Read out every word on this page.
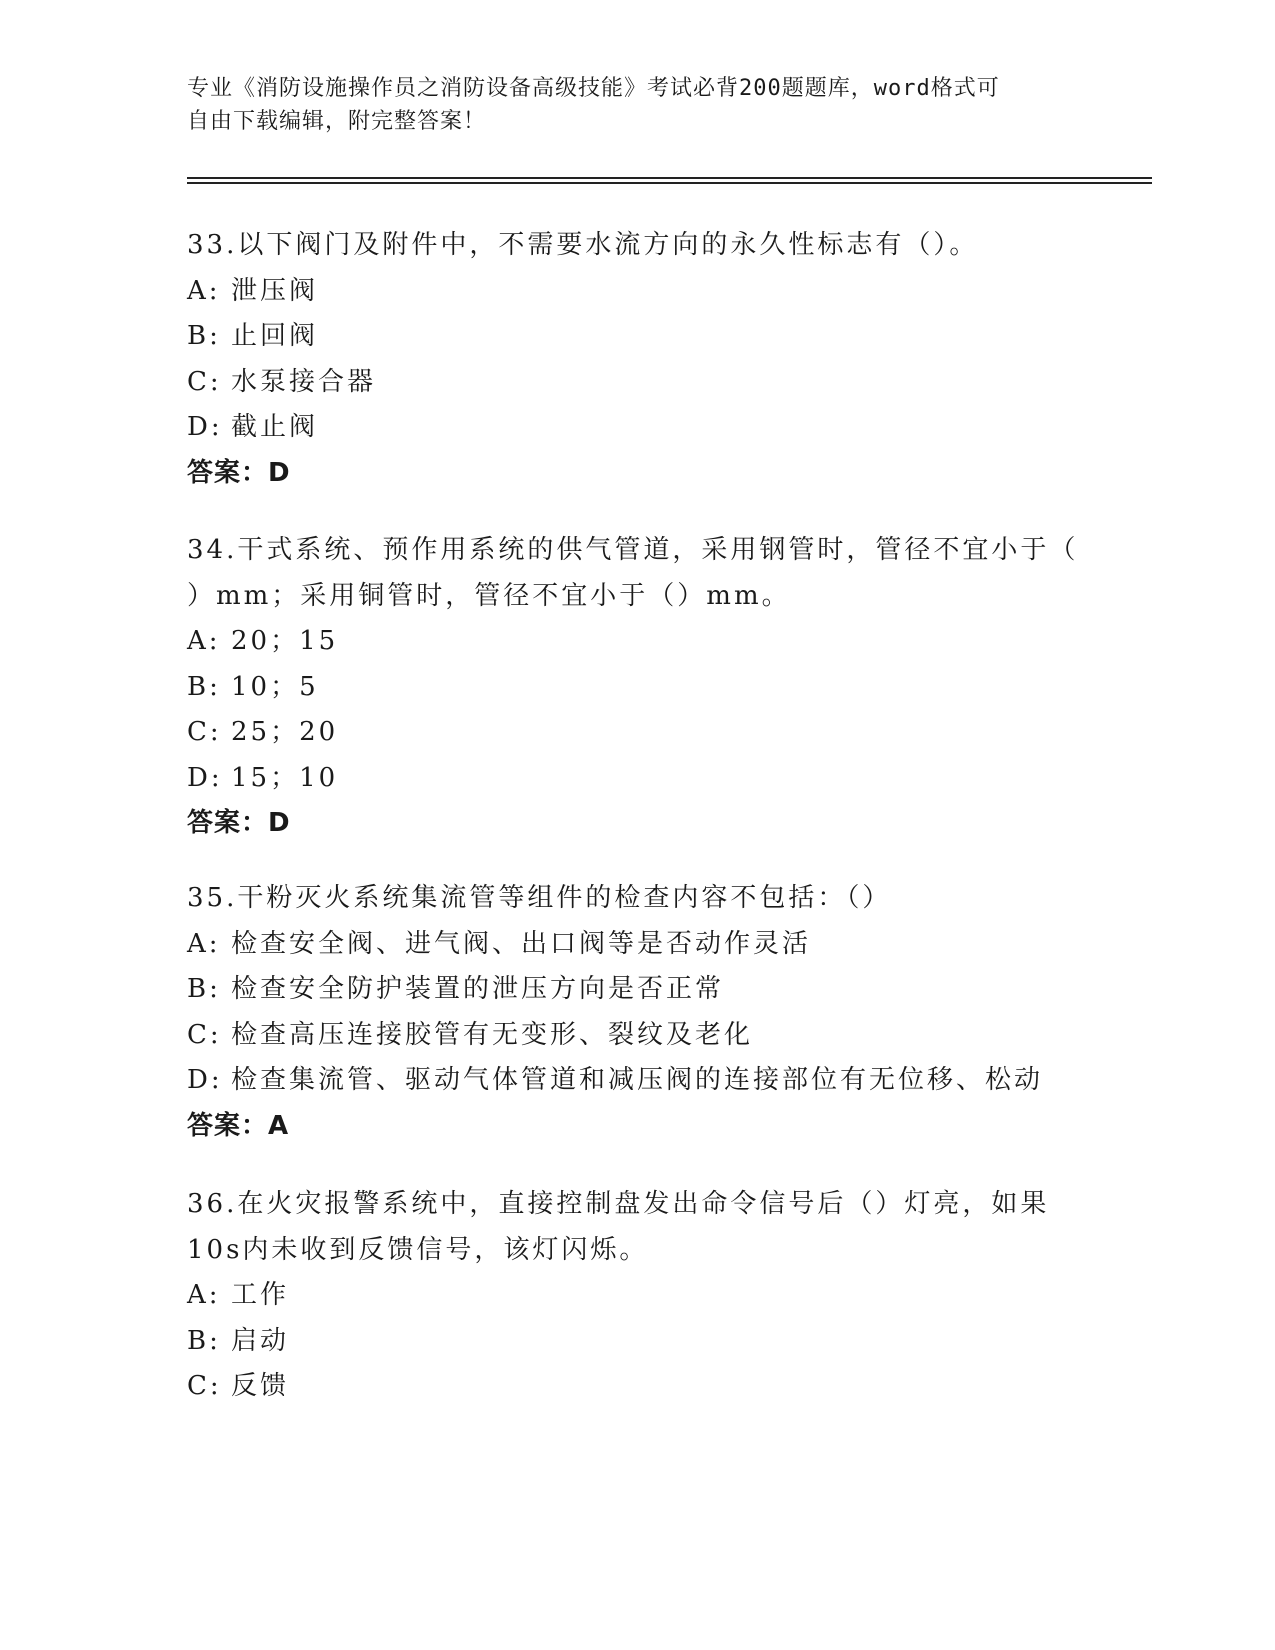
专业《消防设施操作员之消防设备高级技能》考试必背200题题库，word格式可
自由下载编辑，附完整答案！
33.以下阀门及附件中，不需要水流方向的永久性标志有（）。
A: 泄压阀
B: 止回阀
C: 水泵接合器
D: 截止阀
答案：D
34.干式系统、预作用系统的供气管道，采用钢管时，管径不宜小于（
）mm；采用铜管时，管径不宜小于（）mm。
A: 20；15
B: 10；5
C: 25；20
D: 15；10
答案：D
35.干粉灭火系统集流管等组件的检查内容不包括：（）
A: 检查安全阀、进气阀、出口阀等是否动作灵活
B: 检查安全防护装置的泄压方向是否正常
C: 检查高压连接胶管有无变形、裂纹及老化
D: 检查集流管、驱动气体管道和减压阀的连接部位有无位移、松动
答案：A
36.在火灾报警系统中，直接控制盘发出命令信号后（）灯亮，如果
10s内未收到反馈信号，该灯闪烁。
A: 工作
B: 启动
C: 反馈
